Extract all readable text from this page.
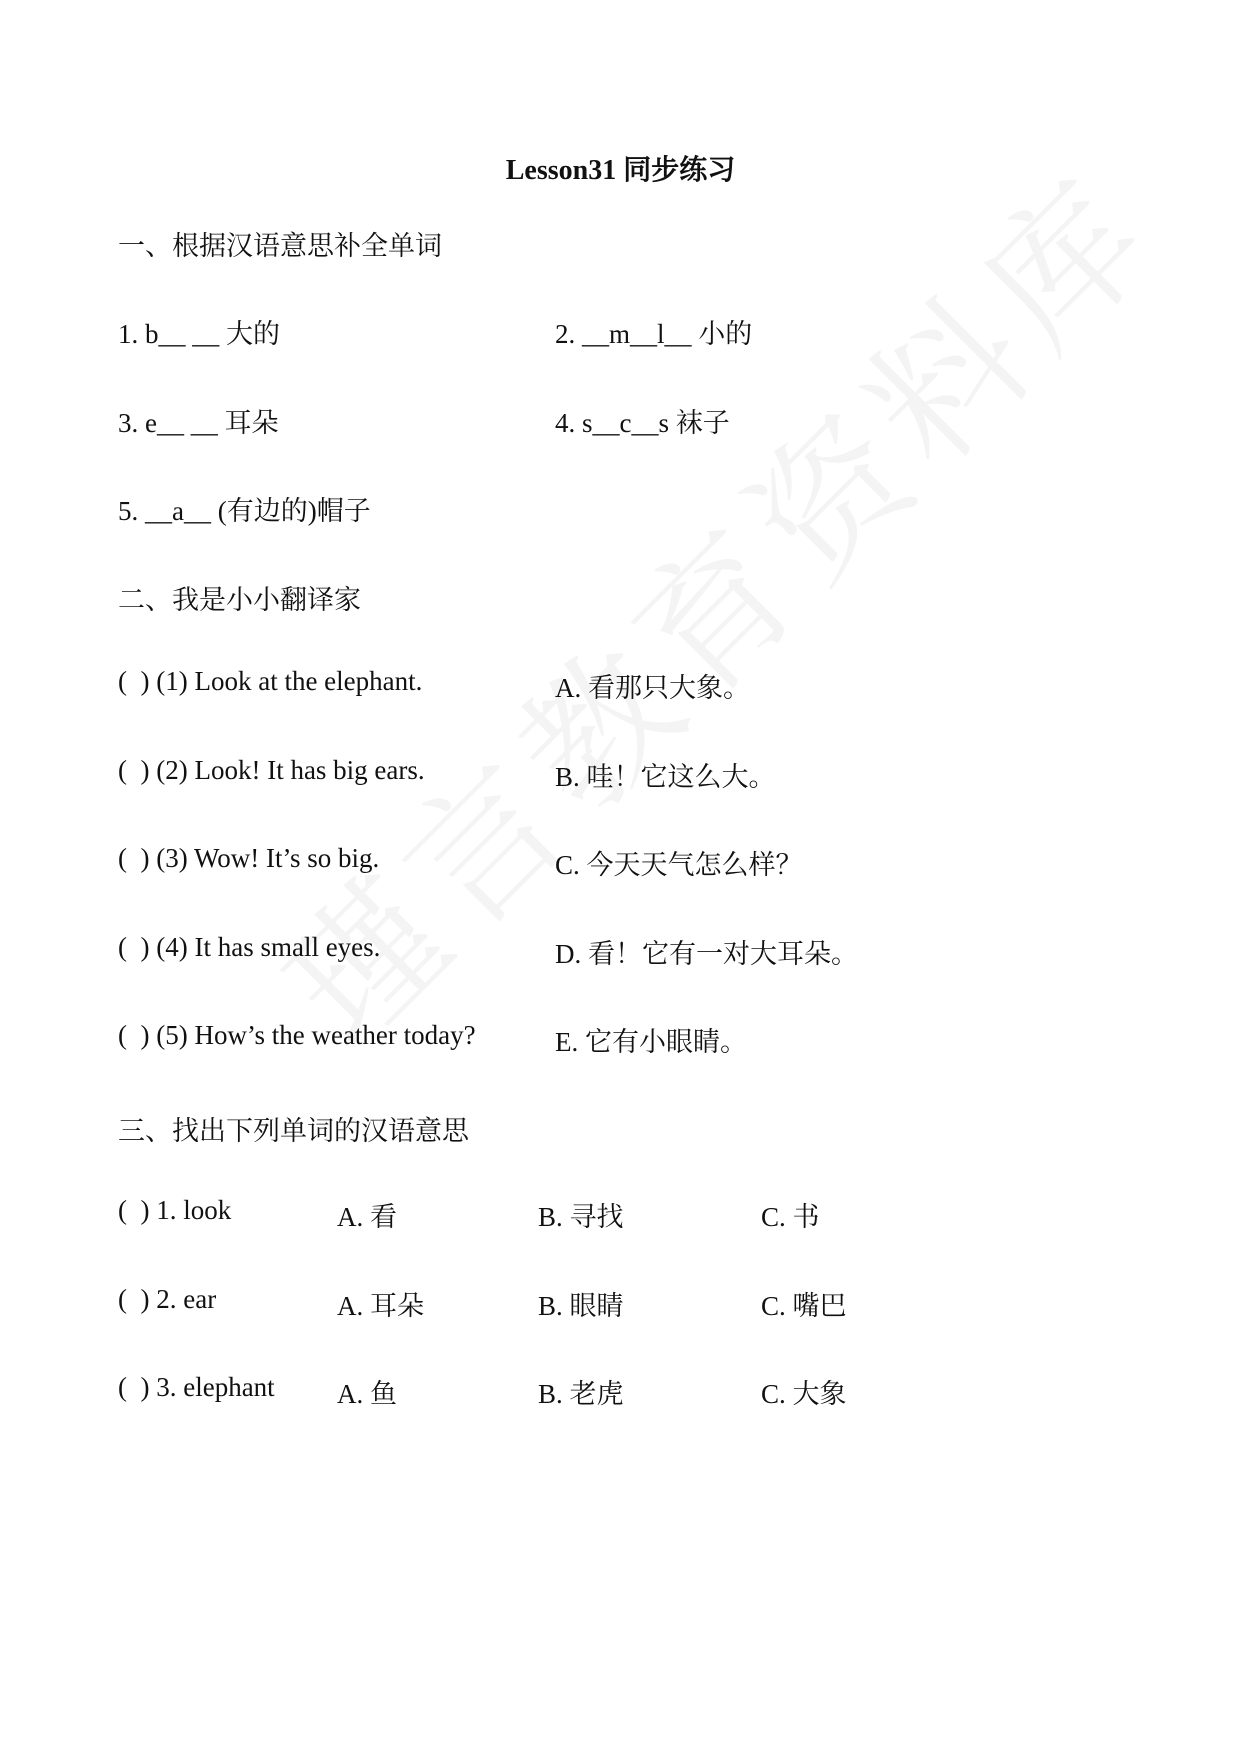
Lesson31 同步练习
一、根据汉语意思补全单词
1. b__ __ 大的	2. __m__l__ 小的
3. e__ __ 耳朵	4. s__c__s 袜子
5. __a__ (有边的)帽子
二、我是小小翻译家
(  ) (1) Look at the elephant.	A. 看那只大象。
(  ) (2) Look! It has big ears.	B. 哇！它这么大。
(  ) (3) Wow! It’s so big.	C. 今天天气怎么样？
(  ) (4) It has small eyes.	D. 看！它有一对大耳朵。
(  ) (5) How’s the weather today?	E. 它有小眼睛。
三、找出下列单词的汉语意思
(  ) 1. look	A. 看	B. 寻找	C. 书
(  ) 2. ear	A. 耳朵	B. 眼睛	C. 嘴巴
(  ) 3. elephant A. 鱼	B. 老虎	C. 大象
